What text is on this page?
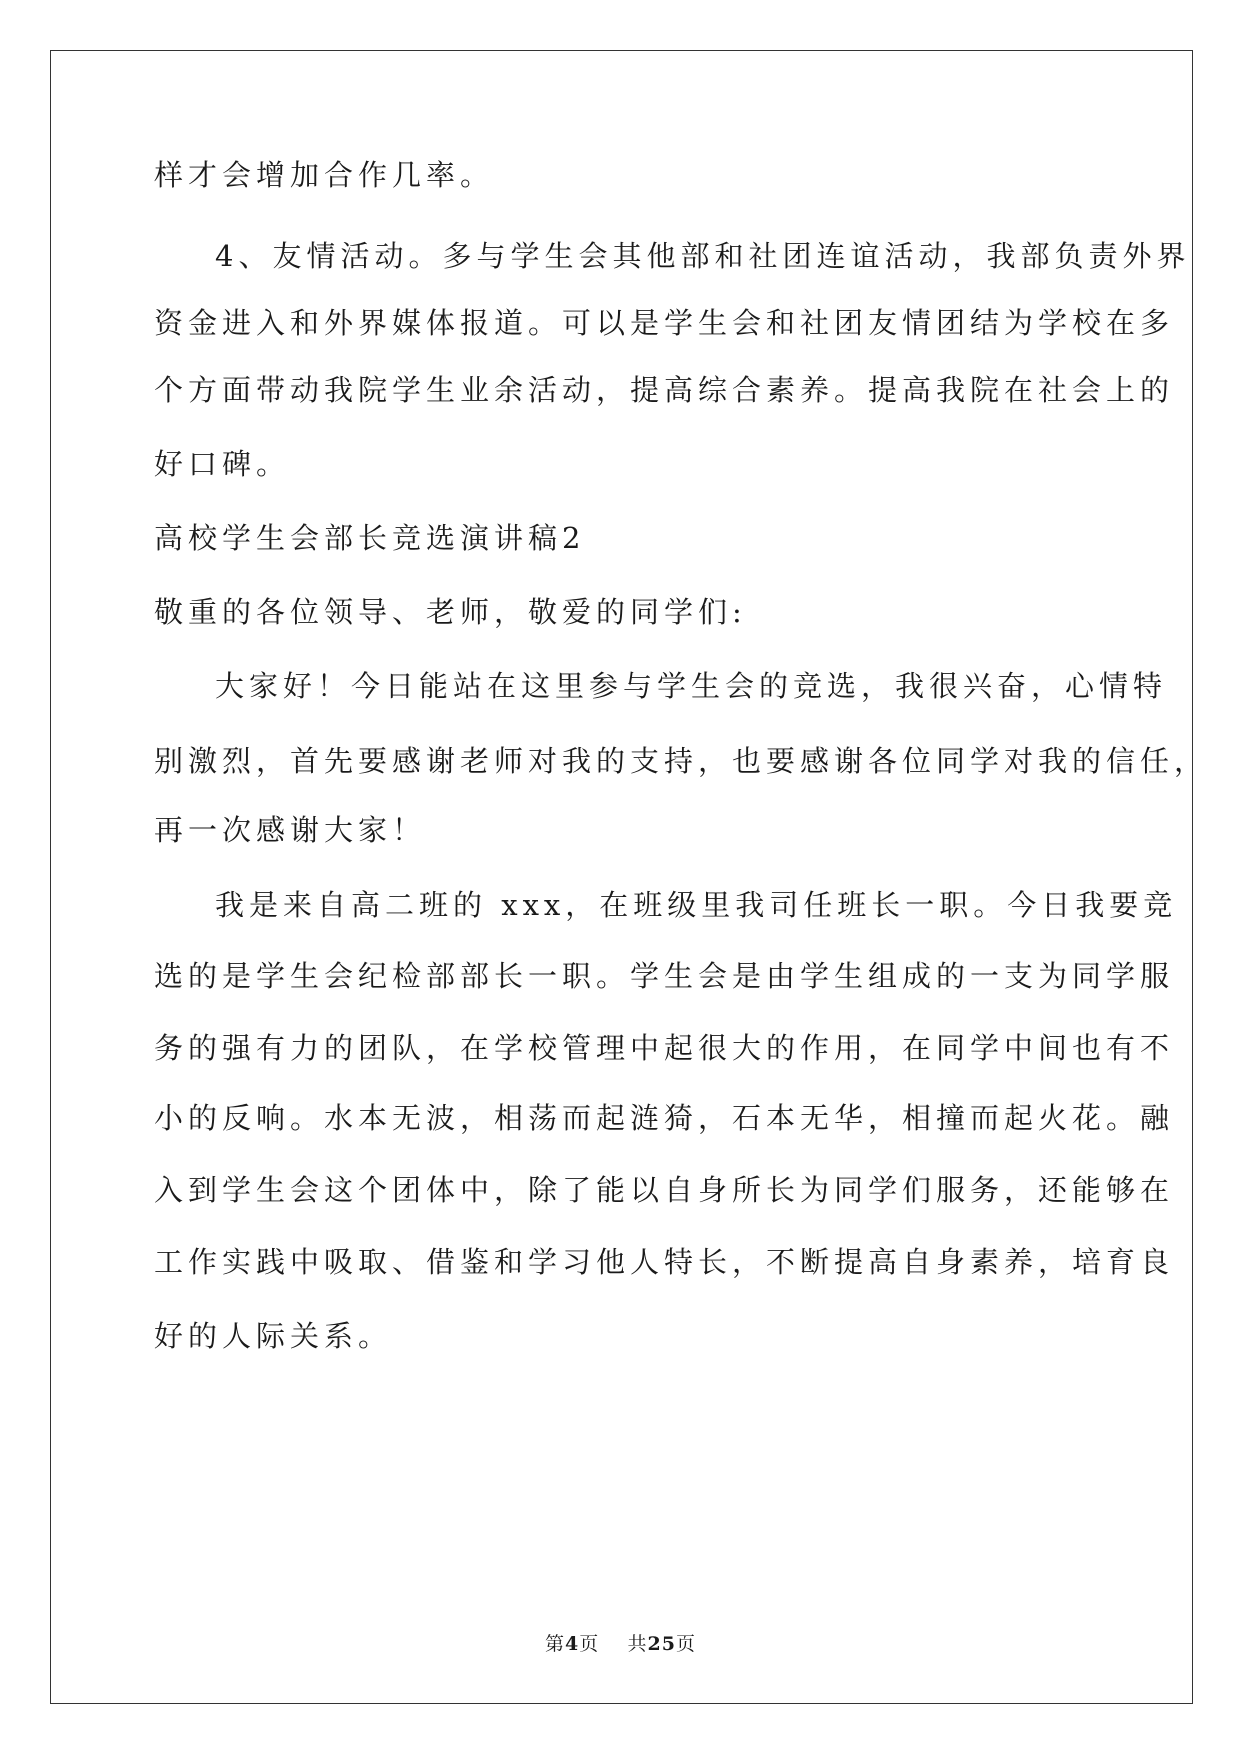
样才会增加合作几率。
4、友情活动。多与学生会其他部和社团连谊活动，我部负责外界
资金进入和外界媒体报道。可以是学生会和社团友情团结为学校在多
个方面带动我院学生业余活动，提高综合素养。提高我院在社会上的
好口碑。
高校学生会部长竞选演讲稿2
敬重的各位领导、老师，敬爱的同学们:
大家好！今日能站在这里参与学生会的竞选，我很兴奋，心情特
别激烈，首先要感谢老师对我的支持，也要感谢各位同学对我的信任，
再一次感谢大家！
我是来自高二班的 xxx，在班级里我司任班长一职。今日我要竞
选的是学生会纪检部部长一职。学生会是由学生组成的一支为同学服
务的强有力的团队，在学校管理中起很大的作用，在同学中间也有不
小的反响。水本无波，相荡而起涟猗，石本无华，相撞而起火花。融
入到学生会这个团体中，除了能以自身所长为同学们服务，还能够在
工作实践中吸取、借鉴和学习他人特长，不断提高自身素养，培育良
好的人际关系。
第4页 共25页
